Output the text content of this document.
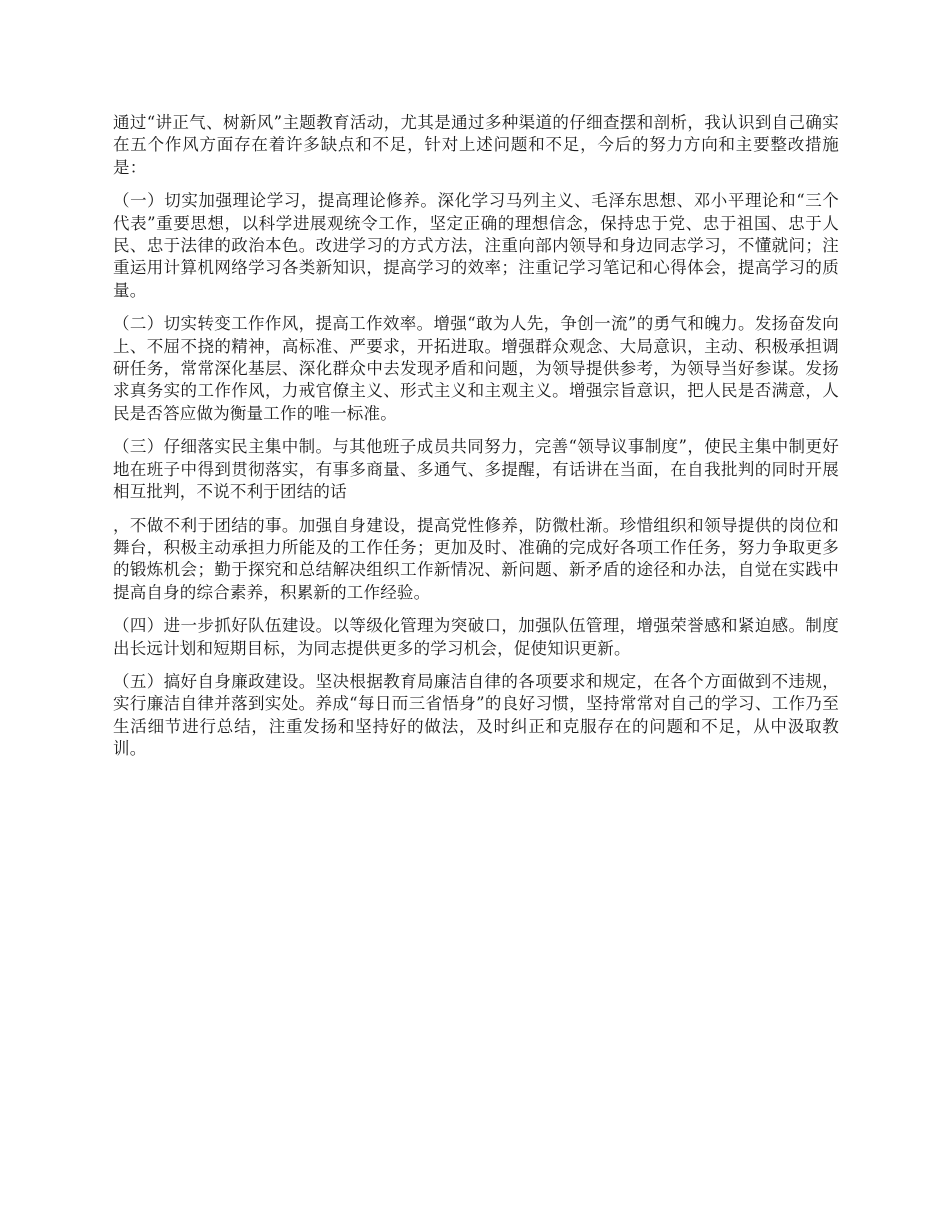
通过“讲正气、树新风”主题教育活动，尤其是通过多种渠道的仔细查摆和剖析，我认识到自己确实在五个作风方面存在着许多缺点和不足，针对上述问题和不足，今后的努力方向和主要整改措施是：

（一）切实加强理论学习，提高理论修养。深化学习马列主义、毛泽东思想、邓小平理论和“三个代表”重要思想，以科学进展观统令工作，坚定正确的理想信念，保持忠于党、忠于祖国、忠于人民、忠于法律的政治本色。改进学习的方式方法，注重向部内领导和身边同志学习，不懂就问；注重运用计算机网络学习各类新知识，提高学习的效率；注重记学习笔记和心得体会，提高学习的质量。

（二）切实转变工作作风，提高工作效率。增强“敢为人先，争创一流”的勇气和魄力。发扬奋发向上、不屈不挠的精神，高标准、严要求，开拓进取。增强群众观念、大局意识，主动、积极承担调研任务，常常深化基层、深化群众中去发现矛盾和问题，为领导提供参考，为领导当好参谋。发扬求真务实的工作作风，力戒官僚主义、形式主义和主观主义。增强宗旨意识，把人民是否满意，人民是否答应做为衡量工作的唯一标准。

（三）仔细落实民主集中制。与其他班子成员共同努力，完善“领导议事制度”，使民主集中制更好地在班子中得到贯彻落实，有事多商量、多通气、多提醒，有话讲在当面，在自我批判的同时开展相互批判，不说不利于团结的话

，不做不利于团结的事。加强自身建设，提高党性修养，防微杜渐。珍惜组织和领导提供的岗位和舞台，积极主动承担力所能及的工作任务；更加及时、准确的完成好各项工作任务，努力争取更多的锻炼机会；勤于探究和总结解决组织工作新情况、新问题、新矛盾的途径和办法，自觉在实践中提高自身的综合素养，积累新的工作经验。

（四）进一步抓好队伍建设。以等级化管理为突破口，加强队伍管理，增强荣誉感和紧迫感。制度出长远计划和短期目标，为同志提供更多的学习机会，促使知识更新。

（五）搞好自身廉政建设。坚决根据教育局廉洁自律的各项要求和规定，在各个方面做到不违规，实行廉洁自律并落到实处。养成“每日而三省悟身”的良好习惯，坚持常常对自己的学习、工作乃至生活细节进行总结，注重发扬和坚持好的做法，及时纠正和克服存在的问题和不足，从中汲取教训。
